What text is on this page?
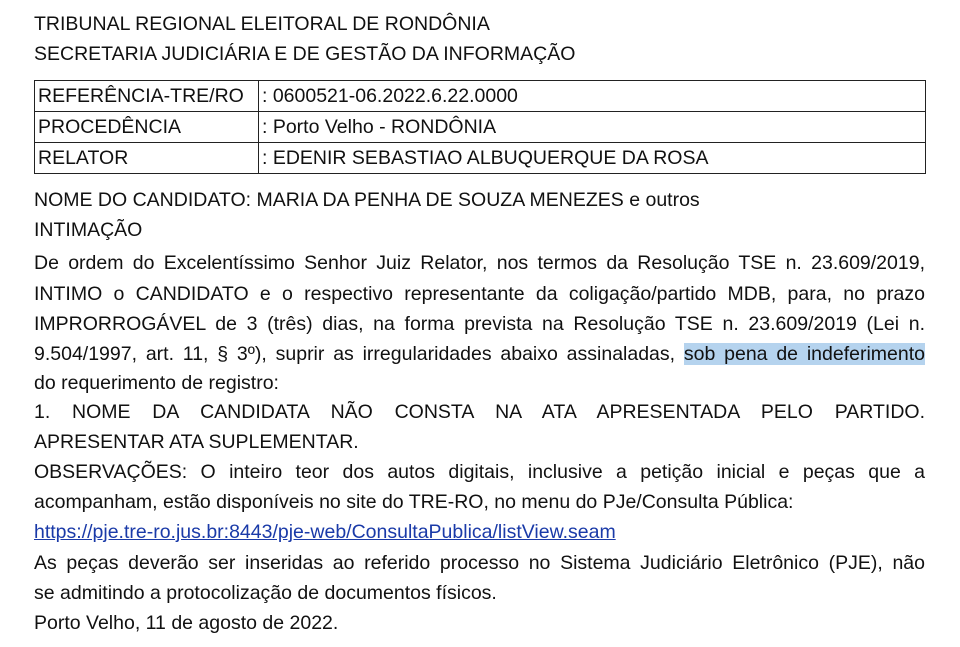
TRIBUNAL REGIONAL ELEITORAL DE RONDÔNIA
SECRETARIA JUDICIÁRIA E DE GESTÃO DA INFORMAÇÃO
REFERÊNCIA-TRE/RO	: 0600521-06.2022.6.22.0000
PROCEDÊNCIA	: Porto Velho - RONDÔNIA
RELATOR	: EDENIR SEBASTIAO ALBUQUERQUE DA ROSA
NOME DO CANDIDATO: MARIA DA PENHA DE SOUZA MENEZES e outros
INTIMAÇÃO
De ordem do Excelentíssimo Senhor Juiz Relator, nos termos da Resolução TSE n. 23.609/2019,
INTIMO o CANDIDATO e o respectivo representante da coligação/partido MDB, para, no prazo
IMPRORROGÁVEL de 3 (três) dias, na forma prevista na Resolução TSE n. 23.609/2019 (Lei n.
9.504/1997, art. 11, § 3º), suprir as irregularidades abaixo assinaladas, sob pena de indeferimento
do requerimento de registro:
1. NOME DA CANDIDATA NÃO CONSTA NA ATA APRESENTADA PELO PARTIDO.
APRESENTAR ATA SUPLEMENTAR.
OBSERVAÇÕES: O inteiro teor dos autos digitais, inclusive a petição inicial e peças que a
acompanham, estão disponíveis no site do TRE-RO, no menu do PJe/Consulta Pública:
https://pje.tre-ro.jus.br:8443/pje-web/ConsultaPublica/listView.seam
As peças deverão ser inseridas ao referido processo no Sistema Judiciário Eletrônico (PJE), não
se admitindo a protocolização de documentos físicos.
Porto Velho, 11 de agosto de 2022.
